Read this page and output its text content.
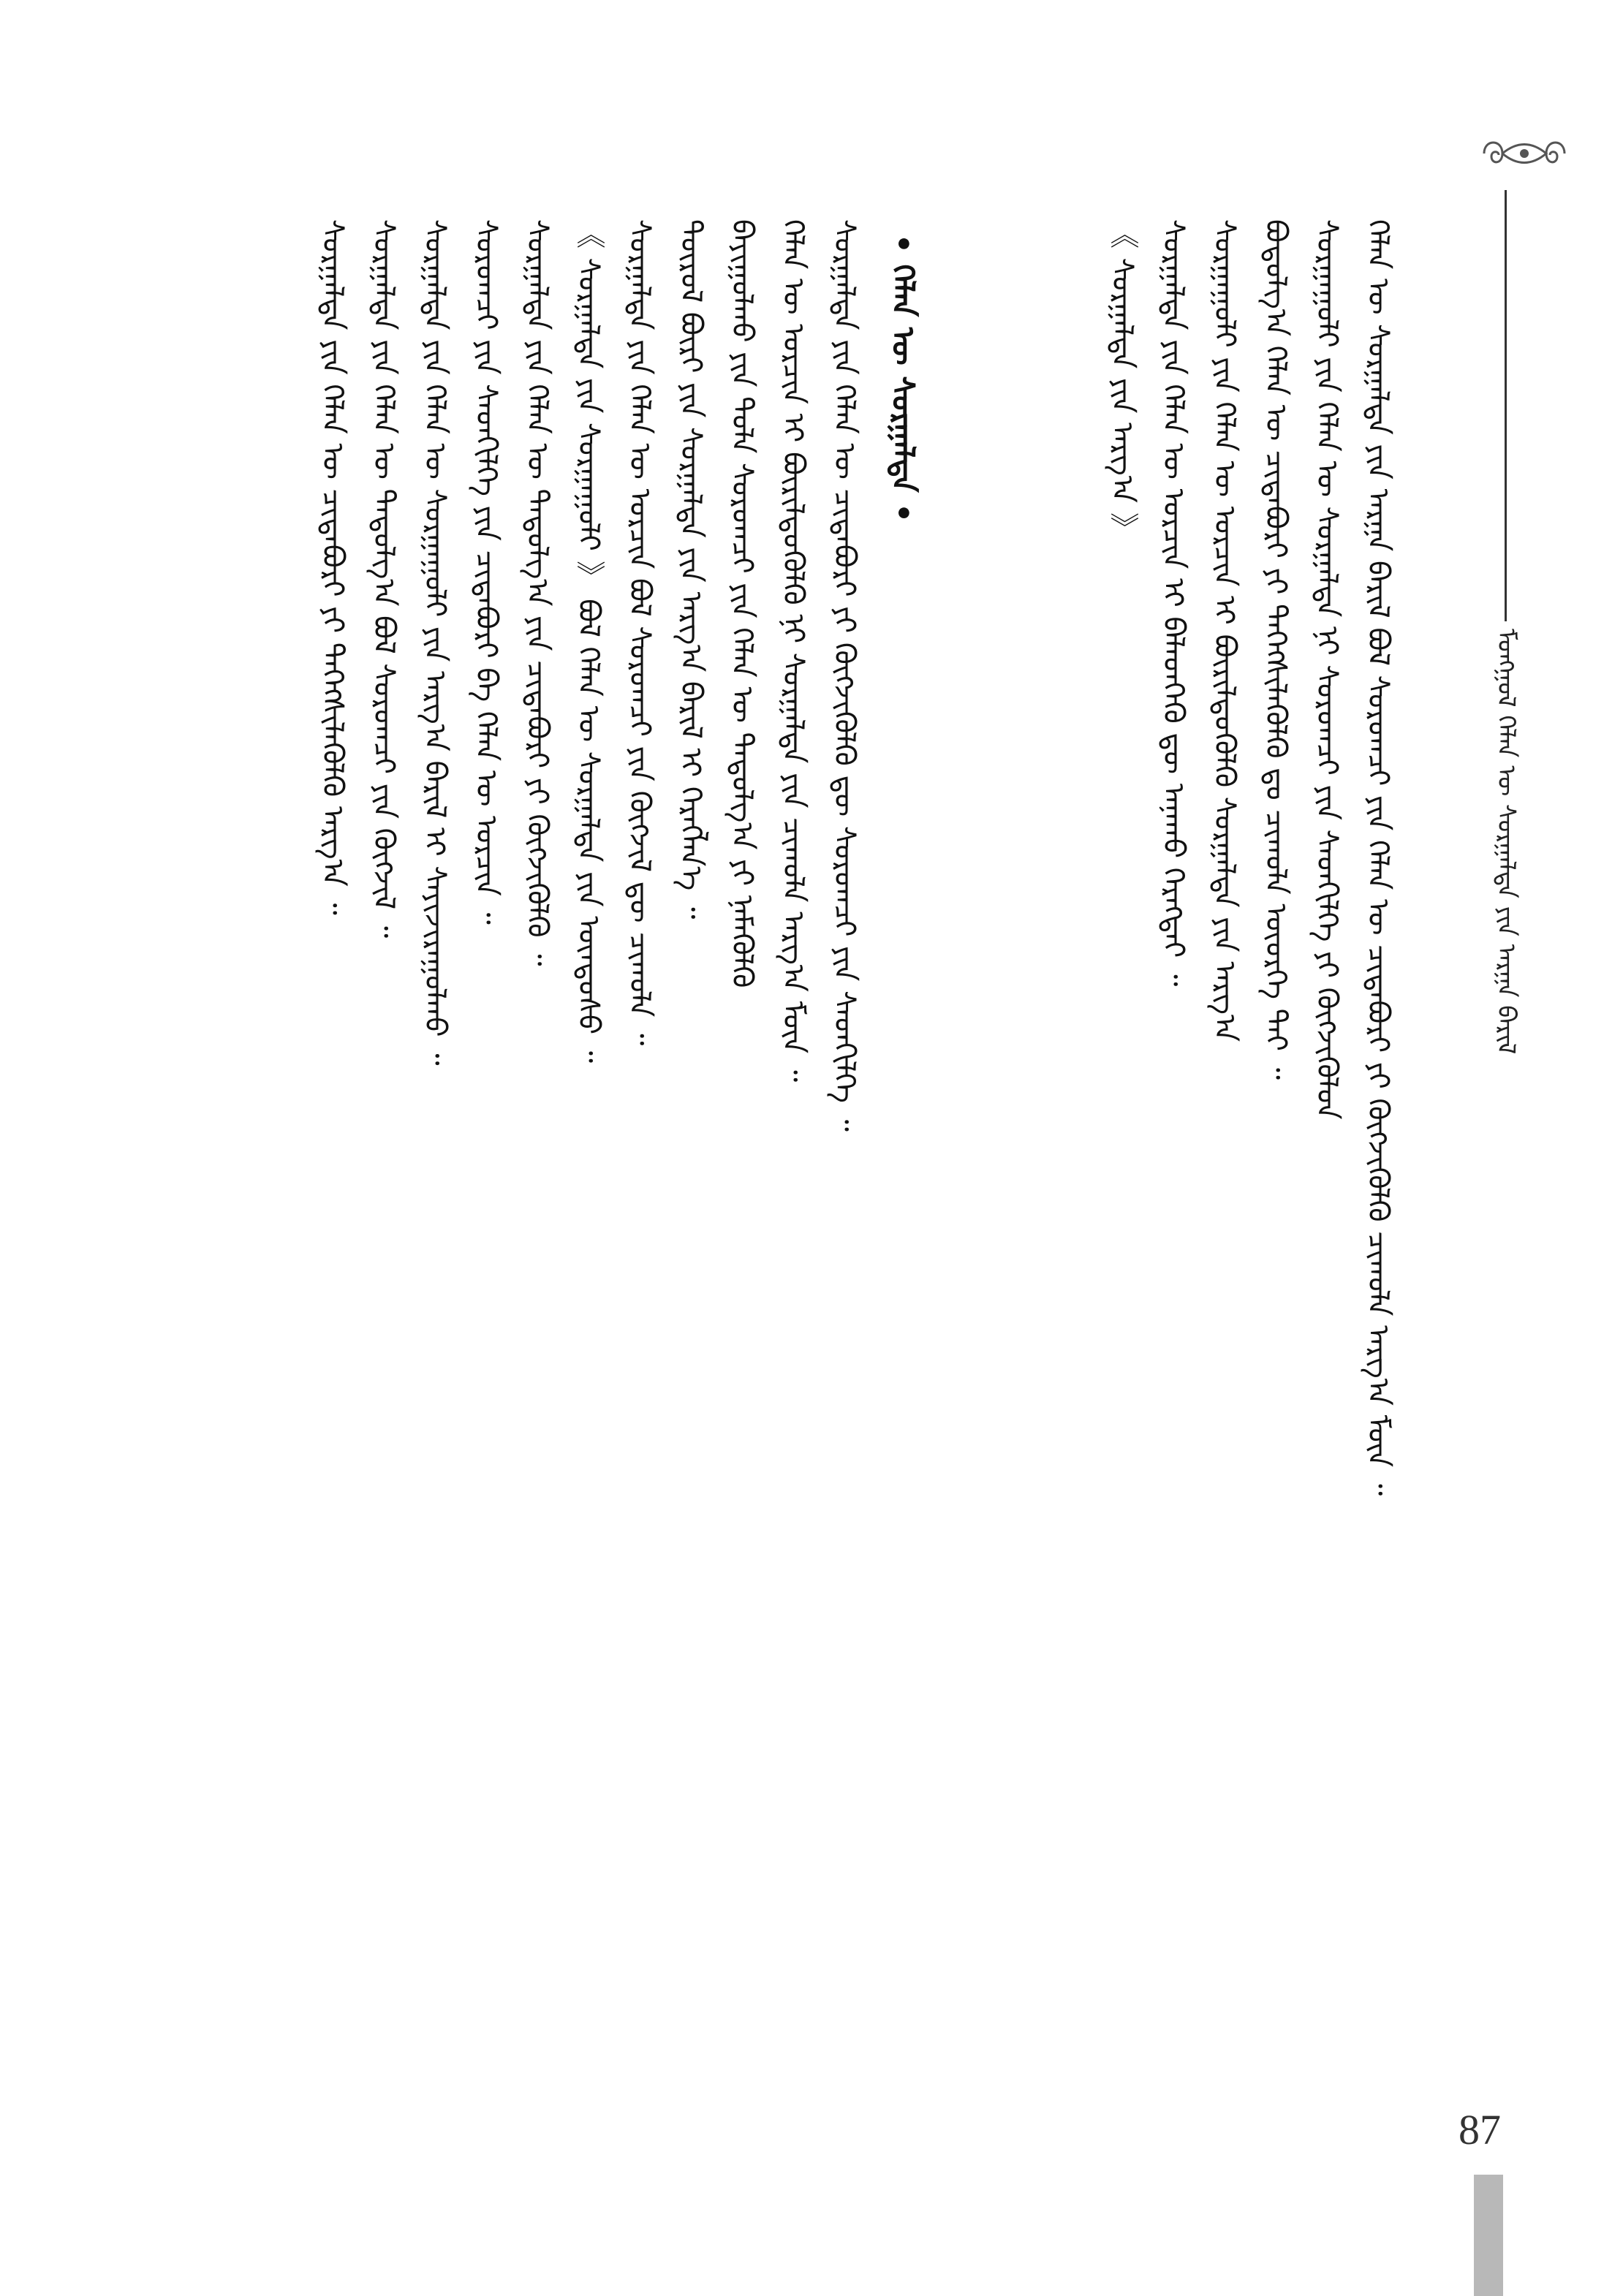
ᠮᠣᠩᠭᠣᠯ ᠬᠡᠯᠡᠨ ᠦ ᠰᠤᠷᠭᠠᠯᠲᠠ ᠶᠢᠨ ᠠᠷᠭᠠ ᠪᠠᠷᠢᠯ
ᠬᠡᠯᠡᠨ ᠦ ᠰᠤᠷᠭᠠᠯᠲᠠ ᠶᠢᠨ ᠠᠷᠭᠠ ᠪᠠᠷᠢᠯ ᠪᠣᠯ ᠰᠤᠷᠤᠭᠴᠢ ᠶᠢᠨ ᠬᠡᠯᠡᠨ ᠦ ᠴᠢᠳᠠᠪᠤᠷᠢ ᠶᠢ ᠬᠥᠭᠵᠢᠭᠦᠯᠬᠦ ᠴᠢᠬᠤᠯᠠ ᠠᠷᠭ᠎ᠠ ᠮᠥᠨ ᠃
ᠰᠤᠷᠭᠠᠭᠤᠯᠢ ᠶᠢᠨ ᠬᠡᠯᠡᠨ ᠦ ᠰᠤᠷᠭᠠᠯᠲᠠ ᠨᠢ ᠰᠤᠷᠤᠭᠴᠢ ᠶᠢᠨ ᠰᠡᠳᠬᠢᠯᠭᠡ ᠶᠢ ᠬᠥᠭᠵᠢᠭᠦᠯᠦᠨ
ᠪᠣᠳᠤᠯᠭ᠎ᠠ ᠬᠡᠯᠡᠨ ᠦ ᠴᠢᠳᠠᠪᠤᠷᠢ ᠶᠢ ᠳᠡᠭᠡᠭᠰᠢᠯᠡᠭᠦᠯᠬᠦ ᠳᠤ ᠴᠢᠬᠤᠯᠠ ᠦᠦᠷᠭᠡ ᠲᠡᠢ ᠃
ᠰᠤᠷᠭᠠᠭᠤᠯᠢ ᠶᠢᠨ ᠬᠡᠯᠡᠨ ᠦ ᠣᠷᠴᠢᠨ ᠢ ᠪᠦᠷᠢᠯᠳᠦᠭᠦᠯᠬᠦ ᠰᠤᠷᠭᠠᠯᠲᠠ ᠶᠢᠨ ᠠᠷᠭ᠎ᠠ
ᠰᠤᠷᠭᠠᠯᠲᠠ ᠶᠢᠨ ᠬᠡᠯᠡᠨ ᠦ ᠣᠷᠴᠢᠨ ᠢ ᠪᠡᠯᠡᠳᠬᠡᠬᠦ ᠳᠦ ᠠᠨᠠᠬᠤ ᠬᠡᠷᠡᠭᠲᠡᠢ ᠃
《 ᠰᠤᠷᠭᠠᠯᠲᠠ ᠶᠢᠨ ᠠᠷᠭ᠎ᠠ 》
ᠰᠤᠷᠭᠠᠯᠲᠠ ᠶᠢᠨ ᠬᠡᠯᠡᠨ ᠦ ᠴᠢᠳᠠᠪᠤᠷᠢ ᠶᠢ ᠬᠥᠭᠵᠢᠭᠦᠯᠬᠦ ᠳᠦ ᠰᠤᠷᠤᠭᠴᠢ ᠶᠢᠨ ᠰᠡᠳᠬᠢᠯᠭᠡ ᠃
ᠬᠡᠯᠡᠨ ᠦ ᠣᠷᠴᠢᠨ ᠢ ᠪᠦᠷᠢᠯᠳᠦᠭᠦᠯᠬᠦ ᠨᠢ ᠰᠤᠷᠭᠠᠯᠲᠠ ᠶᠢᠨ ᠴᠢᠬᠤᠯᠠ ᠠᠷᠭ᠎ᠠ ᠮᠥᠨ ᠃
ᠪᠠᠶᠢᠭᠤᠯᠬᠤ ᠶᠢᠨ ᠲᠤᠯᠠ ᠰᠤᠷᠤᠭᠴᠢ ᠶᠢᠨ ᠬᠡᠯᠡᠨ ᠦ ᠳᠠᠳᠤᠯᠭ᠎ᠠ ᠶᠢ ᠨᠡᠮᠡᠭᠦᠯᠬᠦ
ᠲᠥᠷᠥᠯ ᠪᠦᠷᠢ ᠶᠢᠨ ᠰᠤᠷᠭᠠᠯᠲᠠ ᠶᠢᠨ ᠠᠷᠭ᠎ᠠ ᠪᠠᠷᠢᠯ ᠢ ᠬᠡᠷᠡᠭᠯᠡᠨ᠎ᠡ ᠃
ᠰᠤᠷᠭᠠᠯᠲᠠ ᠶᠢᠨ ᠬᠡᠯᠡᠨ ᠦ ᠣᠷᠴᠢᠨ ᠪᠣᠯ ᠰᠤᠷᠤᠭᠴᠢ ᠶᠢᠨ ᠬᠥᠭᠵᠢᠯ ᠳᠦ ᠴᠢᠬᠤᠯᠠ ᠃
《 ᠰᠤᠷᠭᠠᠯᠲᠠ ᠶᠢᠨ ᠰᠤᠷᠭᠠᠭᠤᠯᠢ 》 ᠪᠣᠯ ᠬᠡᠯᠡᠨ ᠦ ᠰᠤᠷᠭᠠᠯᠲᠠ ᠶᠢᠨ ᠦᠨᠳᠦᠰᠦ ᠃
ᠰᠤᠷᠭᠠᠯᠲᠠ ᠶᠢᠨ ᠬᠡᠯᠡᠨ ᠦ ᠳᠠᠳᠤᠯᠭ᠎ᠠ ᠶᠢᠨ ᠴᠢᠳᠠᠪᠤᠷᠢ ᠶᠢ ᠬᠥᠭᠵᠢᠭᠦᠯᠬᠦ ᠃
ᠰᠤᠷᠤᠭᠴᠢ ᠶᠢᠨ ᠰᠡᠳᠬᠢᠯᠭᠡ ᠶᠢᠨ ᠴᠢᠳᠠᠪᠤᠷᠢ ᠪᠠ ᠬᠡᠯᠡᠨ ᠦ ᠣᠷᠴᠢᠨ ᠃
ᠰᠤᠷᠭᠠᠯᠲᠠ ᠶᠢᠨ ᠬᠡᠯᠡᠨ ᠦ ᠰᠤᠷᠭᠠᠭᠤᠯᠢ ᠶᠢᠨ ᠠᠷᠭ᠎ᠠ ᠪᠠᠷᠢᠯ ᠢ ᠰᠠᠶᠢᠵᠢᠷᠠᠭᠤᠯᠬᠤ ᠃
ᠰᠤᠷᠭᠠᠯᠲᠠ ᠶᠢᠨ ᠬᠡᠯᠡᠨ ᠦ ᠳᠠᠳᠤᠯᠭ᠎ᠠ ᠪᠣᠯ ᠰᠤᠷᠤᠭᠴᠢ ᠶᠢᠨ ᠬᠥᠭᠵᠢᠯ ᠃
ᠰᠤᠷᠭᠠᠯᠲᠠ ᠶᠢᠨ ᠬᠡᠯᠡᠨ ᠦ ᠴᠢᠳᠠᠪᠤᠷᠢ ᠶᠢ ᠳᠡᠭᠡᠭᠰᠢᠯᠡᠭᠦᠯᠬᠦ ᠠᠷᠭ᠎ᠠ ᠃	• ᠬᠡᠯᠡᠨ ᠦ ᠰᠤᠷᠭᠠᠯᠲᠠ •
87
